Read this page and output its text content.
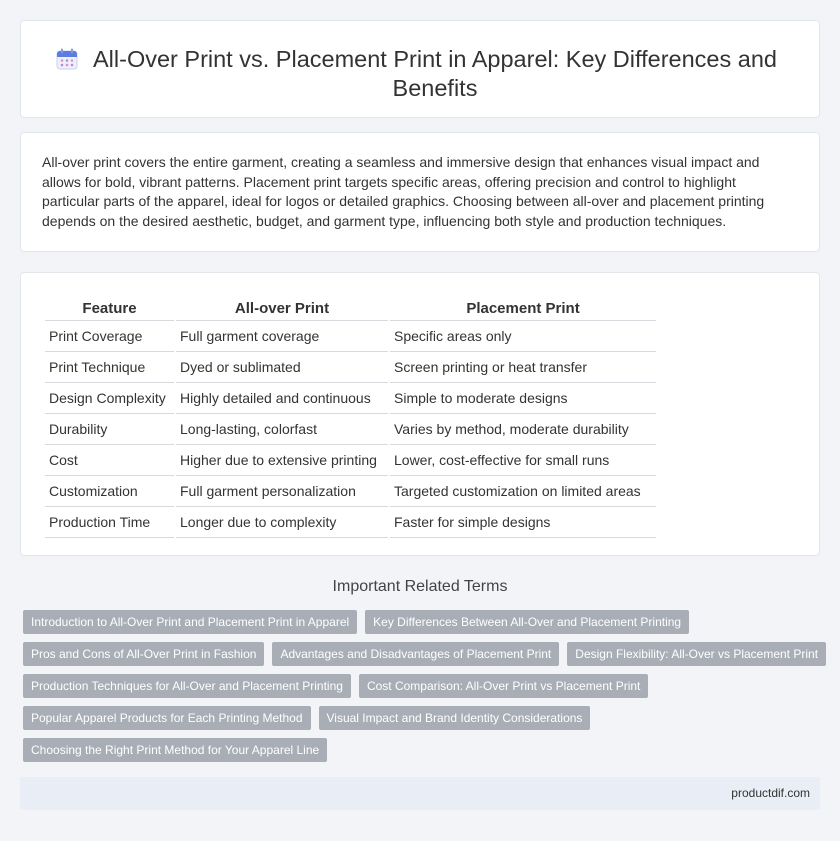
All-Over Print vs. Placement Print in Apparel: Key Differences and Benefits

All-over print covers the entire garment, creating a seamless and immersive design that enhances visual impact and allows for bold, vibrant patterns. Placement print targets specific areas, offering precision and control to highlight particular parts of the apparel, ideal for logos or detailed graphics. Choosing between all-over and placement printing depends on the desired aesthetic, budget, and garment type, influencing both style and production techniques.

Feature	All-over Print	Placement Print
Print Coverage	Full garment coverage	Specific areas only
Print Technique	Dyed or sublimated	Screen printing or heat transfer
Design Complexity	Highly detailed and continuous	Simple to moderate designs
Durability	Long-lasting, colorfast	Varies by method, moderate durability
Cost	Higher due to extensive printing	Lower, cost-effective for small runs
Customization	Full garment personalization	Targeted customization on limited areas
Production Time	Longer due to complexity	Faster for simple designs
Important Related Terms
Introduction to All-Over Print and Placement Print in Apparel	Key Differences Between All-Over and Placement Printing
Pros and Cons of All-Over Print in Fashion	Advantages and Disadvantages of Placement Print	Design Flexibility: All-Over vs Placement Print
Production Techniques for All-Over and Placement Printing	Cost Comparison: All-Over Print vs Placement Print
Popular Apparel Products for Each Printing Method	Visual Impact and Brand Identity Considerations
Choosing the Right Print Method for Your Apparel Line
productdif.com
